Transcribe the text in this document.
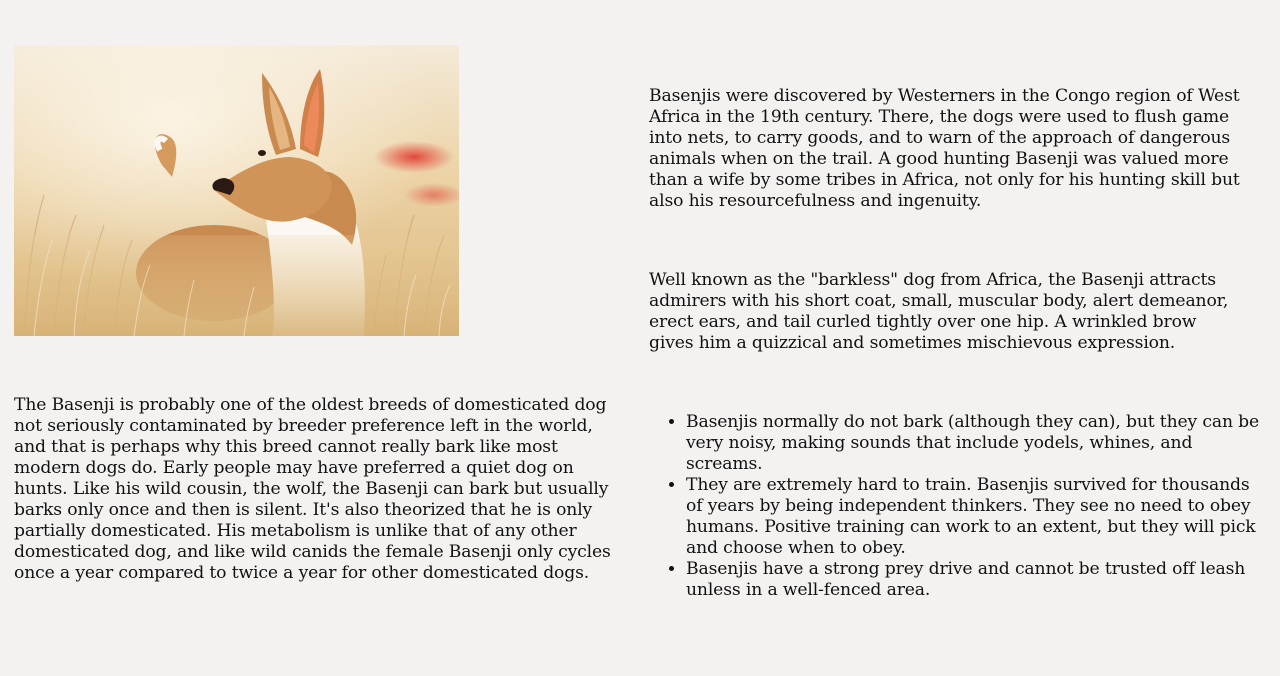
Basenjis were discovered by Westerners in the Congo region of West Africa in the 19th century. There, the dogs were used to flush game into nets, to carry goods, and to warn of the approach of dangerous animals when on the trail. A good hunting Basenji was valued more than a wife by some tribes in Africa, not only for his hunting skill but also his resourcefulness and ingenuity.

Well known as the "barkless" dog from Africa, the Basenji attracts admirers with his short coat, small, muscular body, alert demeanor, erect ears, and tail curled tightly over one hip. A wrinkled brow gives him a quizzical and sometimes mischievous expression.

The Basenji is probably one of the oldest breeds of domesticated dog not seriously contaminated by breeder preference left in the world, and that is perhaps why this breed cannot really bark like most modern dogs do. Early people may have preferred a quiet dog on hunts. Like his wild cousin, the wolf, the Basenji can bark but usually barks only once and then is silent. It's also theorized that he is only partially domesticated. His metabolism is unlike that of any other domesticated dog, and like wild canids the female Basenji only cycles once a year compared to twice a year for other domesticated dogs.

• Basenjis normally do not bark (although they can), but they can be very noisy, making sounds that include yodels, whines, and screams.
• They are extremely hard to train. Basenjis survived for thousands of years by being independent thinkers. They see no need to obey humans. Positive training can work to an extent, but they will pick and choose when to obey.
• Basenjis have a strong prey drive and cannot be trusted off leash unless in a well-fenced area.
